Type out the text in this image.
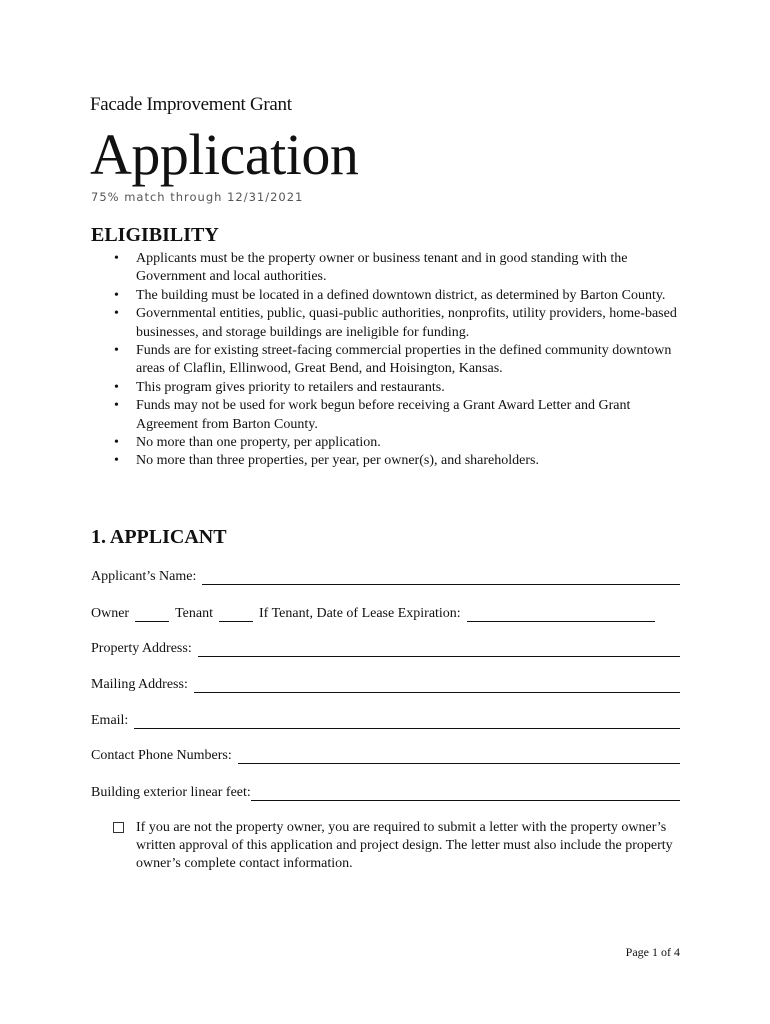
Facade Improvement Grant
Application
75% match through 12/31/2021
ELIGIBILITY
• Applicants must be the property owner or business tenant and in good standing with the Government and local authorities.
• The building must be located in a defined downtown district, as determined by Barton County.
• Governmental entities, public, quasi-public authorities, nonprofits, utility providers, home-based businesses, and storage buildings are ineligible for funding.
• Funds are for existing street-facing commercial properties in the defined community downtown areas of Claflin, Ellinwood, Great Bend, and Hoisington, Kansas.
• This program gives priority to retailers and restaurants.
• Funds may not be used for work begun before receiving a Grant Award Letter and Grant Agreement from Barton County.
• No more than one property, per application.
• No more than three properties, per year, per owner(s), and shareholders.
1. APPLICANT
Applicant’s Name:
Owner	Tenant	If Tenant, Date of Lease Expiration:
Property Address:
Mailing Address:
Email:
Contact Phone Numbers:
Building exterior linear feet:
If you are not the property owner, you are required to submit a letter with the property owner’s written approval of this application and project design. The letter must also include the property owner’s complete contact information.
Page 1 of 4
